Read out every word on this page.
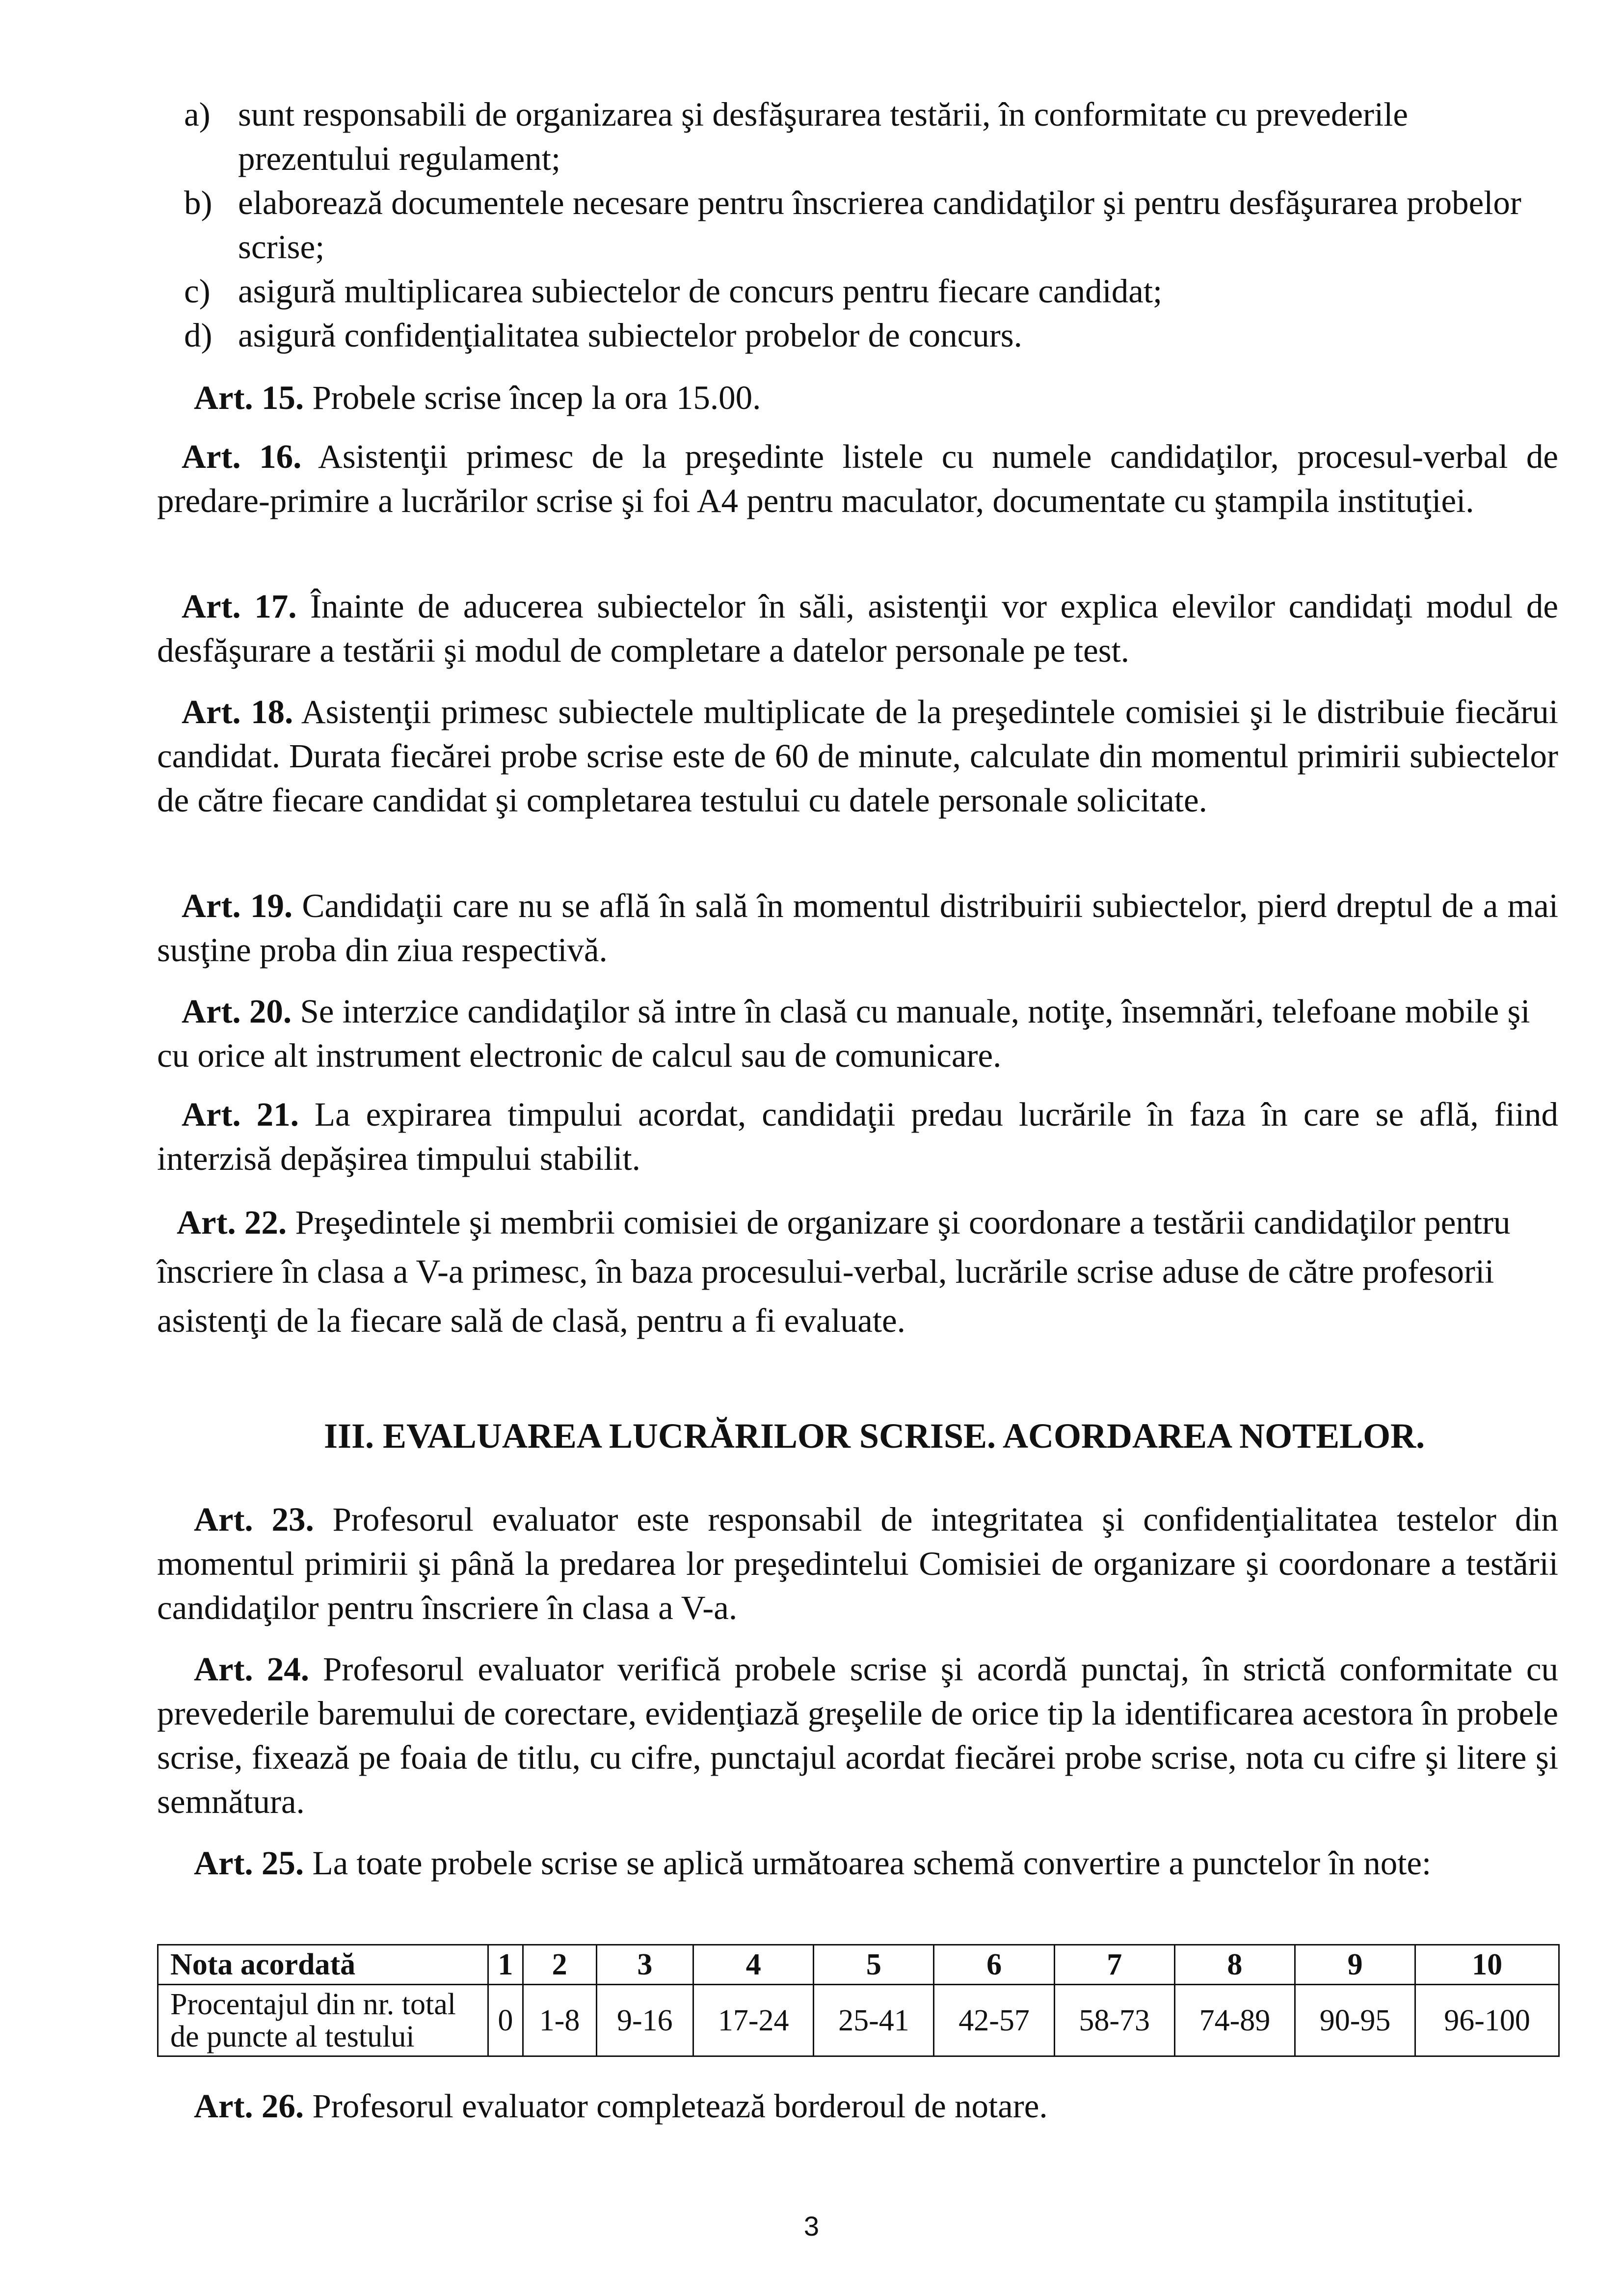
a) sunt responsabili de organizarea şi desfăşurarea testării, în conformitate cu prevederile prezentului regulament;
b) elaborează documentele necesare pentru înscrierea candidaţilor şi pentru desfăşurarea probelor scrise;
c) asigură multiplicarea subiectelor de concurs pentru fiecare candidat;
d) asigură confidenţialitatea subiectelor probelor de concurs.

Art. 15. Probele scrise încep la ora 15.00.

Art. 16. Asistenţii primesc de la preşedinte listele cu numele candidaţilor, procesul-verbal de predare-primire a lucrărilor scrise şi foi A4 pentru maculator, documentate cu ştampila instituţiei.

Art. 17. Înainte de aducerea subiectelor în săli, asistenţii vor explica elevilor candidaţi modul de desfăşurare a testării şi modul de completare a datelor personale pe test.

Art. 18. Asistenţii primesc subiectele multiplicate de la preşedintele comisiei şi le distribuie fiecărui candidat. Durata fiecărei probe scrise este de 60 de minute, calculate din momentul primirii subiectelor de către fiecare candidat şi completarea testului cu datele personale solicitate.

Art. 19. Candidaţii care nu se află în sală în momentul distribuirii subiectelor, pierd dreptul de a mai susţine proba din ziua respectivă.

Art. 20. Se interzice candidaţilor să intre în clasă cu manuale, notiţe, însemnări, telefoane mobile şi cu orice alt instrument electronic de calcul sau de comunicare.

Art. 21. La expirarea timpului acordat, candidaţii predau lucrările în faza în care se află, fiind interzisă depăşirea timpului stabilit.

Art. 22. Preşedintele şi membrii comisiei de organizare şi coordonare a testării candidaţilor pentru înscriere în clasa a V-a primesc, în baza procesului-verbal, lucrările scrise aduse de către profesorii asistenţi de la fiecare sală de clasă, pentru a fi evaluate.

III. EVALUAREA LUCRĂRILOR SCRISE. ACORDAREA NOTELOR.

Art. 23. Profesorul evaluator este responsabil de integritatea şi confidenţialitatea testelor din momentul primirii şi până la predarea lor preşedintelui Comisiei de organizare şi coordonare a testării candidaţilor pentru înscriere în clasa a V-a.

Art. 24. Profesorul evaluator verifică probele scrise şi acordă punctaj, în strictă conformitate cu prevederile baremului de corectare, evidenţiază greşelile de orice tip la identificarea acestora în probele scrise, fixează pe foaia de titlu, cu cifre, punctajul acordat fiecărei probe scrise, nota cu cifre şi litere şi semnătura.

Art. 25. La toate probele scrise se aplică următoarea schemă convertire a punctelor în note:

Nota acordată	1	2	3	4	5	6	7	8	9	10

Procentajul din nr. total
de puncte al testului	0	1-8	9-16	17-24	25-41	42-57	58-73	74-89	90-95	96-100

Art. 26. Profesorul evaluator completează borderoul de notare.

3
